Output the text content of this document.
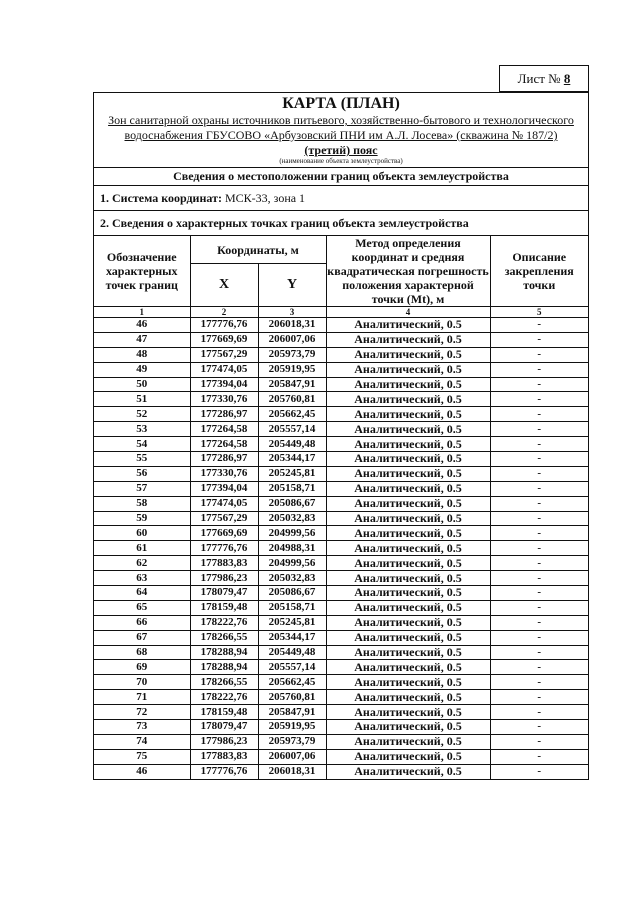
Лист № 8
КАРТА (ПЛАН)
Зон санитарной охраны источников питьевого, хозяйственно-бытового и технологического
водоснабжения ГБУСОВО «Арбузовский ПНИ им А.Л. Лосева» (скважина № 187/2)
(третий) пояс
(наименование объекта землеустройства)
Сведения о местоположении границ объекта землеустройства
1. Система координат: МСК-33, зона 1
2. Сведения о характерных точках границ объекта землеустройства
Обозначение характерных точек границ	Координаты, м		Метод определения координат и средняя квадратическая погрешность положения характерной точки (Mt), м	Описание закрепления точки
	X	Y		
1	2	3	4	5
46	177776,76	206018,31	Аналитический, 0.5	-
47	177669,69	206007,06	Аналитический, 0.5	-
48	177567,29	205973,79	Аналитический, 0.5	-
49	177474,05	205919,95	Аналитический, 0.5	-
50	177394,04	205847,91	Аналитический, 0.5	-
51	177330,76	205760,81	Аналитический, 0.5	-
52	177286,97	205662,45	Аналитический, 0.5	-
53	177264,58	205557,14	Аналитический, 0.5	-
54	177264,58	205449,48	Аналитический, 0.5	-
55	177286,97	205344,17	Аналитический, 0.5	-
56	177330,76	205245,81	Аналитический, 0.5	-
57	177394,04	205158,71	Аналитический, 0.5	-
58	177474,05	205086,67	Аналитический, 0.5	-
59	177567,29	205032,83	Аналитический, 0.5	-
60	177669,69	204999,56	Аналитический, 0.5	-
61	177776,76	204988,31	Аналитический, 0.5	-
62	177883,83	204999,56	Аналитический, 0.5	-
63	177986,23	205032,83	Аналитический, 0.5	-
64	178079,47	205086,67	Аналитический, 0.5	-
65	178159,48	205158,71	Аналитический, 0.5	-
66	178222,76	205245,81	Аналитический, 0.5	-
67	178266,55	205344,17	Аналитический, 0.5	-
68	178288,94	205449,48	Аналитический, 0.5	-
69	178288,94	205557,14	Аналитический, 0.5	-
70	178266,55	205662,45	Аналитический, 0.5	-
71	178222,76	205760,81	Аналитический, 0.5	-
72	178159,48	205847,91	Аналитический, 0.5	-
73	178079,47	205919,95	Аналитический, 0.5	-
74	177986,23	205973,79	Аналитический, 0.5	-
75	177883,83	206007,06	Аналитический, 0.5	-
46	177776,76	206018,31	Аналитический, 0.5	-
